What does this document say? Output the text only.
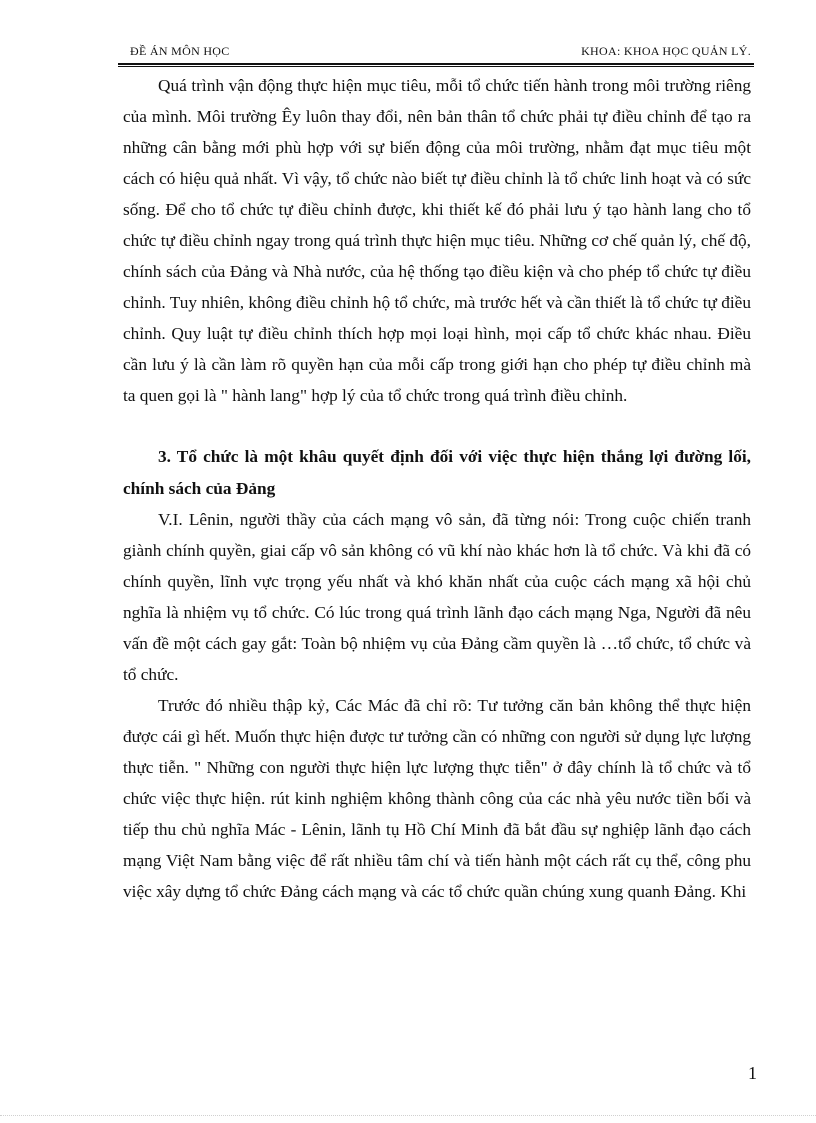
ĐỀ ÁN MÔN HỌC	KHOA: KHOA HỌC QUẢN LÝ.

Quá trình vận động thực hiện mục tiêu, mỗi tổ chức tiến hành trong môi trường riêng của mình. Môi trường Êy luôn thay đổi, nên bản thân tổ chức phải tự điều chỉnh để tạo ra những cân bằng mới phù hợp với sự biến động của môi trường, nhằm đạt mục tiêu một cách có hiệu quả nhất. Vì vậy, tổ chức nào biết tự điều chỉnh là tổ chức linh hoạt và có sức sống. Để cho tổ chức tự điều chỉnh được, khi thiết kế đó phải lưu ý tạo hành lang cho tổ chức tự điều chỉnh ngay trong quá trình thực hiện mục tiêu. Những cơ chế quản lý, chế độ, chính sách của Đảng và Nhà nước, của hệ thống tạo điều kiện và cho phép tổ chức tự điều chỉnh. Tuy nhiên, không điều chỉnh hộ tổ chức, mà trước hết và cần thiết là tổ chức tự điều chỉnh. Quy luật tự điều chỉnh thích hợp mọi loại hình, mọi cấp tổ chức khác nhau. Điều cần lưu ý là cần làm rõ quyền hạn của mỗi cấp trong giới hạn cho phép tự điều chỉnh mà ta quen gọi là " hành lang" hợp lý của tổ chức trong quá trình điều chỉnh.

3. Tổ chức là một khâu quyết định đối với việc thực hiện thắng lợi đường lối, chính sách của Đảng

V.I. Lênin, người thầy của cách mạng vô sản, đã từng nói: Trong cuộc chiến tranh giành chính quyền, giai cấp vô sản không có vũ khí nào khác hơn là tổ chức. Và khi đã có chính quyền, lĩnh vực trọng yếu nhất và khó khăn nhất của cuộc cách mạng xã hội chủ nghĩa là nhiệm vụ tổ chức. Có lúc trong quá trình lãnh đạo cách mạng Nga, Người đã nêu vấn đề một cách gay gắt: Toàn bộ nhiệm vụ của Đảng cầm quyền là …tổ chức, tổ chức và tổ chức.

Trước đó nhiều thập kỷ, Các Mác đã chỉ rõ: Tư tưởng căn bản không thể thực hiện được cái gì hết. Muốn thực hiện được tư tưởng cần có những con người sử dụng lực lượng thực tiễn. " Những con người thực hiện lực lượng thực tiễn" ở đây chính là tổ chức và tổ chức việc thực hiện. rút kinh nghiệm không thành công của các nhà yêu nước tiền bối và tiếp thu chủ nghĩa Mác - Lênin, lãnh tụ Hồ Chí Minh đã bắt đầu sự nghiệp lãnh đạo cách mạng Việt Nam bằng việc để rất nhiều tâm chí và tiến hành một cách rất cụ thể, công phu việc xây dựng tổ chức Đảng cách mạng và các tổ chức quần chúng xung quanh Đảng. Khi

1
